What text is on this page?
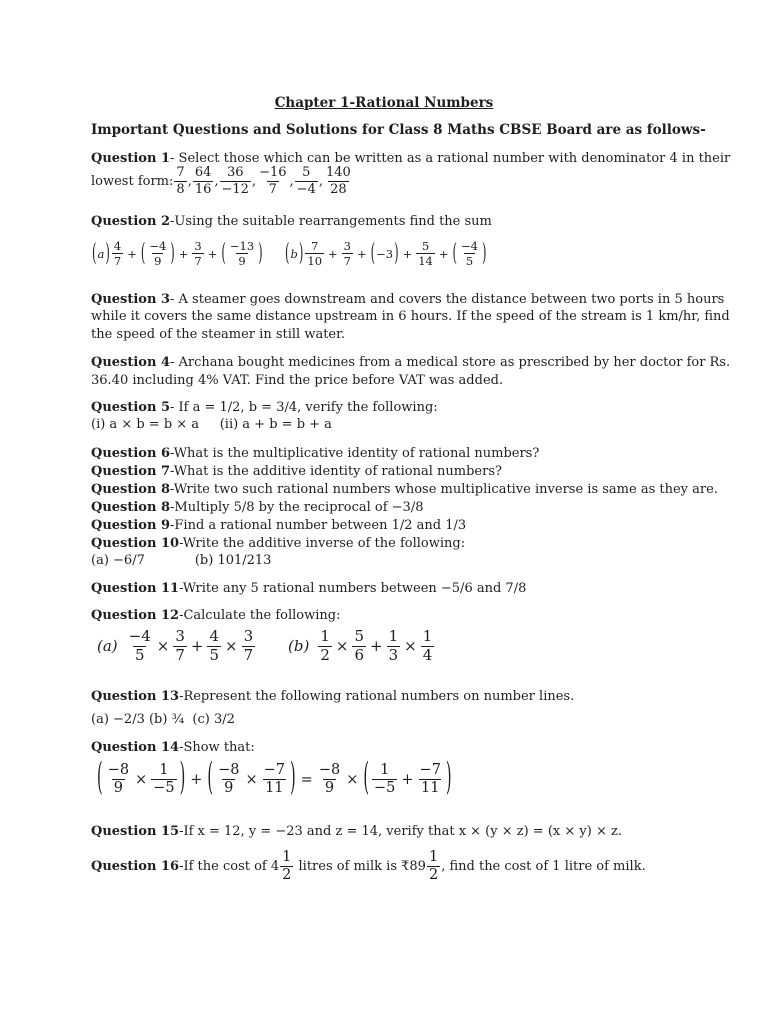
Chapter 1-Rational Numbers
Important Questions and Solutions for Class 8 Maths CBSE Board are as follows-
Question 1- Select those which can be written as a rational number with denominator 4 in their
lowest form: $\frac{7}{8}$ , $\frac{64}{16}$ , $\frac{36}{-12}$ , $\frac{-16}{7}$ , $\frac{5}{-4}$ , $\frac{140}{28}$
Question 2-Using the suitable rearrangements find the sum
( a ) $\frac{4}{7}$ + ( $\frac{-4}{9}$ ) + $\frac{3}{7}$ + ( $\frac{-13}{9}$ ) ( b ) $\frac{7}{10} + \frac{3}{7}$ + ( −3 ) + $\frac{5}{14}$ + ( $\frac{-4}{5}$ )
Question 3- A steamer goes downstream and covers the distance between two ports in 5 hours
while it covers the same distance upstream in 6 hours. If the speed of the stream is 1 km/hr, find
the speed of the steamer in still water.
Question 4- Archana bought medicines from a medical store as prescribed by her doctor for Rs.
36.40 including 4% VAT. Find the price before VAT was added.
Question 5- If a = 1/2, b = 3/4, verify the following:
(i) a × b = b × a     (ii) a + b = b + a
Question 6-What is the multiplicative identity of rational numbers?
Question 7-What is the additive identity of rational numbers?
Question 8-Write two such rational numbers whose multiplicative inverse is same as they are.
Question 8-Multiply 5/8 by the reciprocal of −3/8
Question 9-Find a rational number between 1/2 and 1/3
Question 10-Write the additive inverse of the following:
(a) −6/7	(b) 101/213
Question 11-Write any 5 rational numbers between −5/6 and 7/8
Question 12-Calculate the following:
$(a) \frac{-4}{5} \times \frac{3}{7} + \frac{4}{5} \times \frac{3}{7} (b) \frac{1}{2} \times \frac{5}{6} + \frac{1}{3} \times \frac{1}{4}$
Question 13-Represent the following rational numbers on number lines.
(a) −2/3 (b) ¾  (c) 3/2
Question 14-Show that:
( $\frac{-8}{9} \times \frac{1}{-5}$ ) + ( $\frac{-8}{9} \times \frac{-7}{11}$ ) = $\frac{-8}{9}$ × ( $\frac{1}{-5} + \frac{-7}{11}$ )
Question 15-If x = 12, y = −23 and z = 14, verify that x × (y × z) = (x × y) × z.
Question 16 -If the cost of $4 \frac{1}{2}$ litres of milk is ₹89 $\frac{1}{2}$ , find the cost of 1 litre of milk.
